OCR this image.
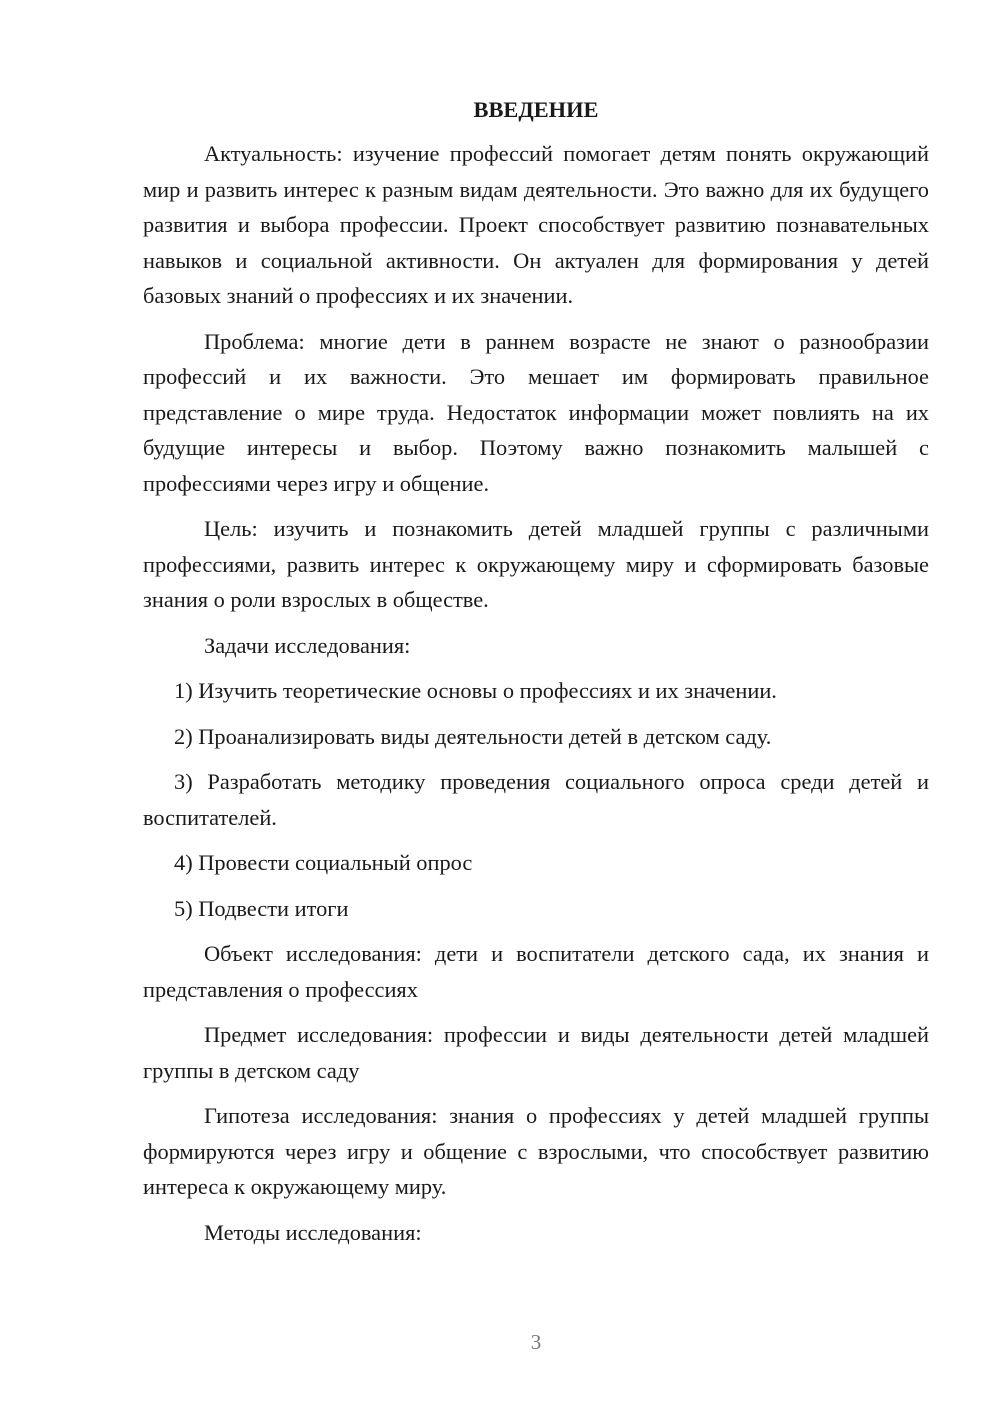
ВВЕДЕНИЕ

Актуальность: изучение профессий помогает детям понять окружающий мир и развить интерес к разным видам деятельности. Это важно для их будущего развития и выбора профессии. Проект способствует развитию познавательных навыков и социальной активности. Он актуален для формирования у детей базовых знаний о профессиях и их значении.

Проблема: многие дети в раннем возрасте не знают о разнообразии профессий и их важности. Это мешает им формировать правильное представление о мире труда. Недостаток информации может повлиять на их будущие интересы и выбор. Поэтому важно познакомить малышей с профессиями через игру и общение.

Цель: изучить и познакомить детей младшей группы с различными профессиями, развить интерес к окружающему миру и сформировать базовые знания о роли взрослых в обществе.

Задачи исследования:

1) Изучить теоретические основы о профессиях и их значении.

2) Проанализировать виды деятельности детей в детском саду.

3) Разработать методику проведения социального опроса среди детей и воспитателей.

4) Провести социальный опрос

5) Подвести итоги

Объект исследования: дети и воспитатели детского сада, их знания и представления о профессиях

Предмет исследования: профессии и виды деятельности детей младшей группы в детском саду

Гипотеза исследования: знания о профессиях у детей младшей группы формируются через игру и общение с взрослыми, что способствует развитию интереса к окружающему миру.

Методы исследования:

3
